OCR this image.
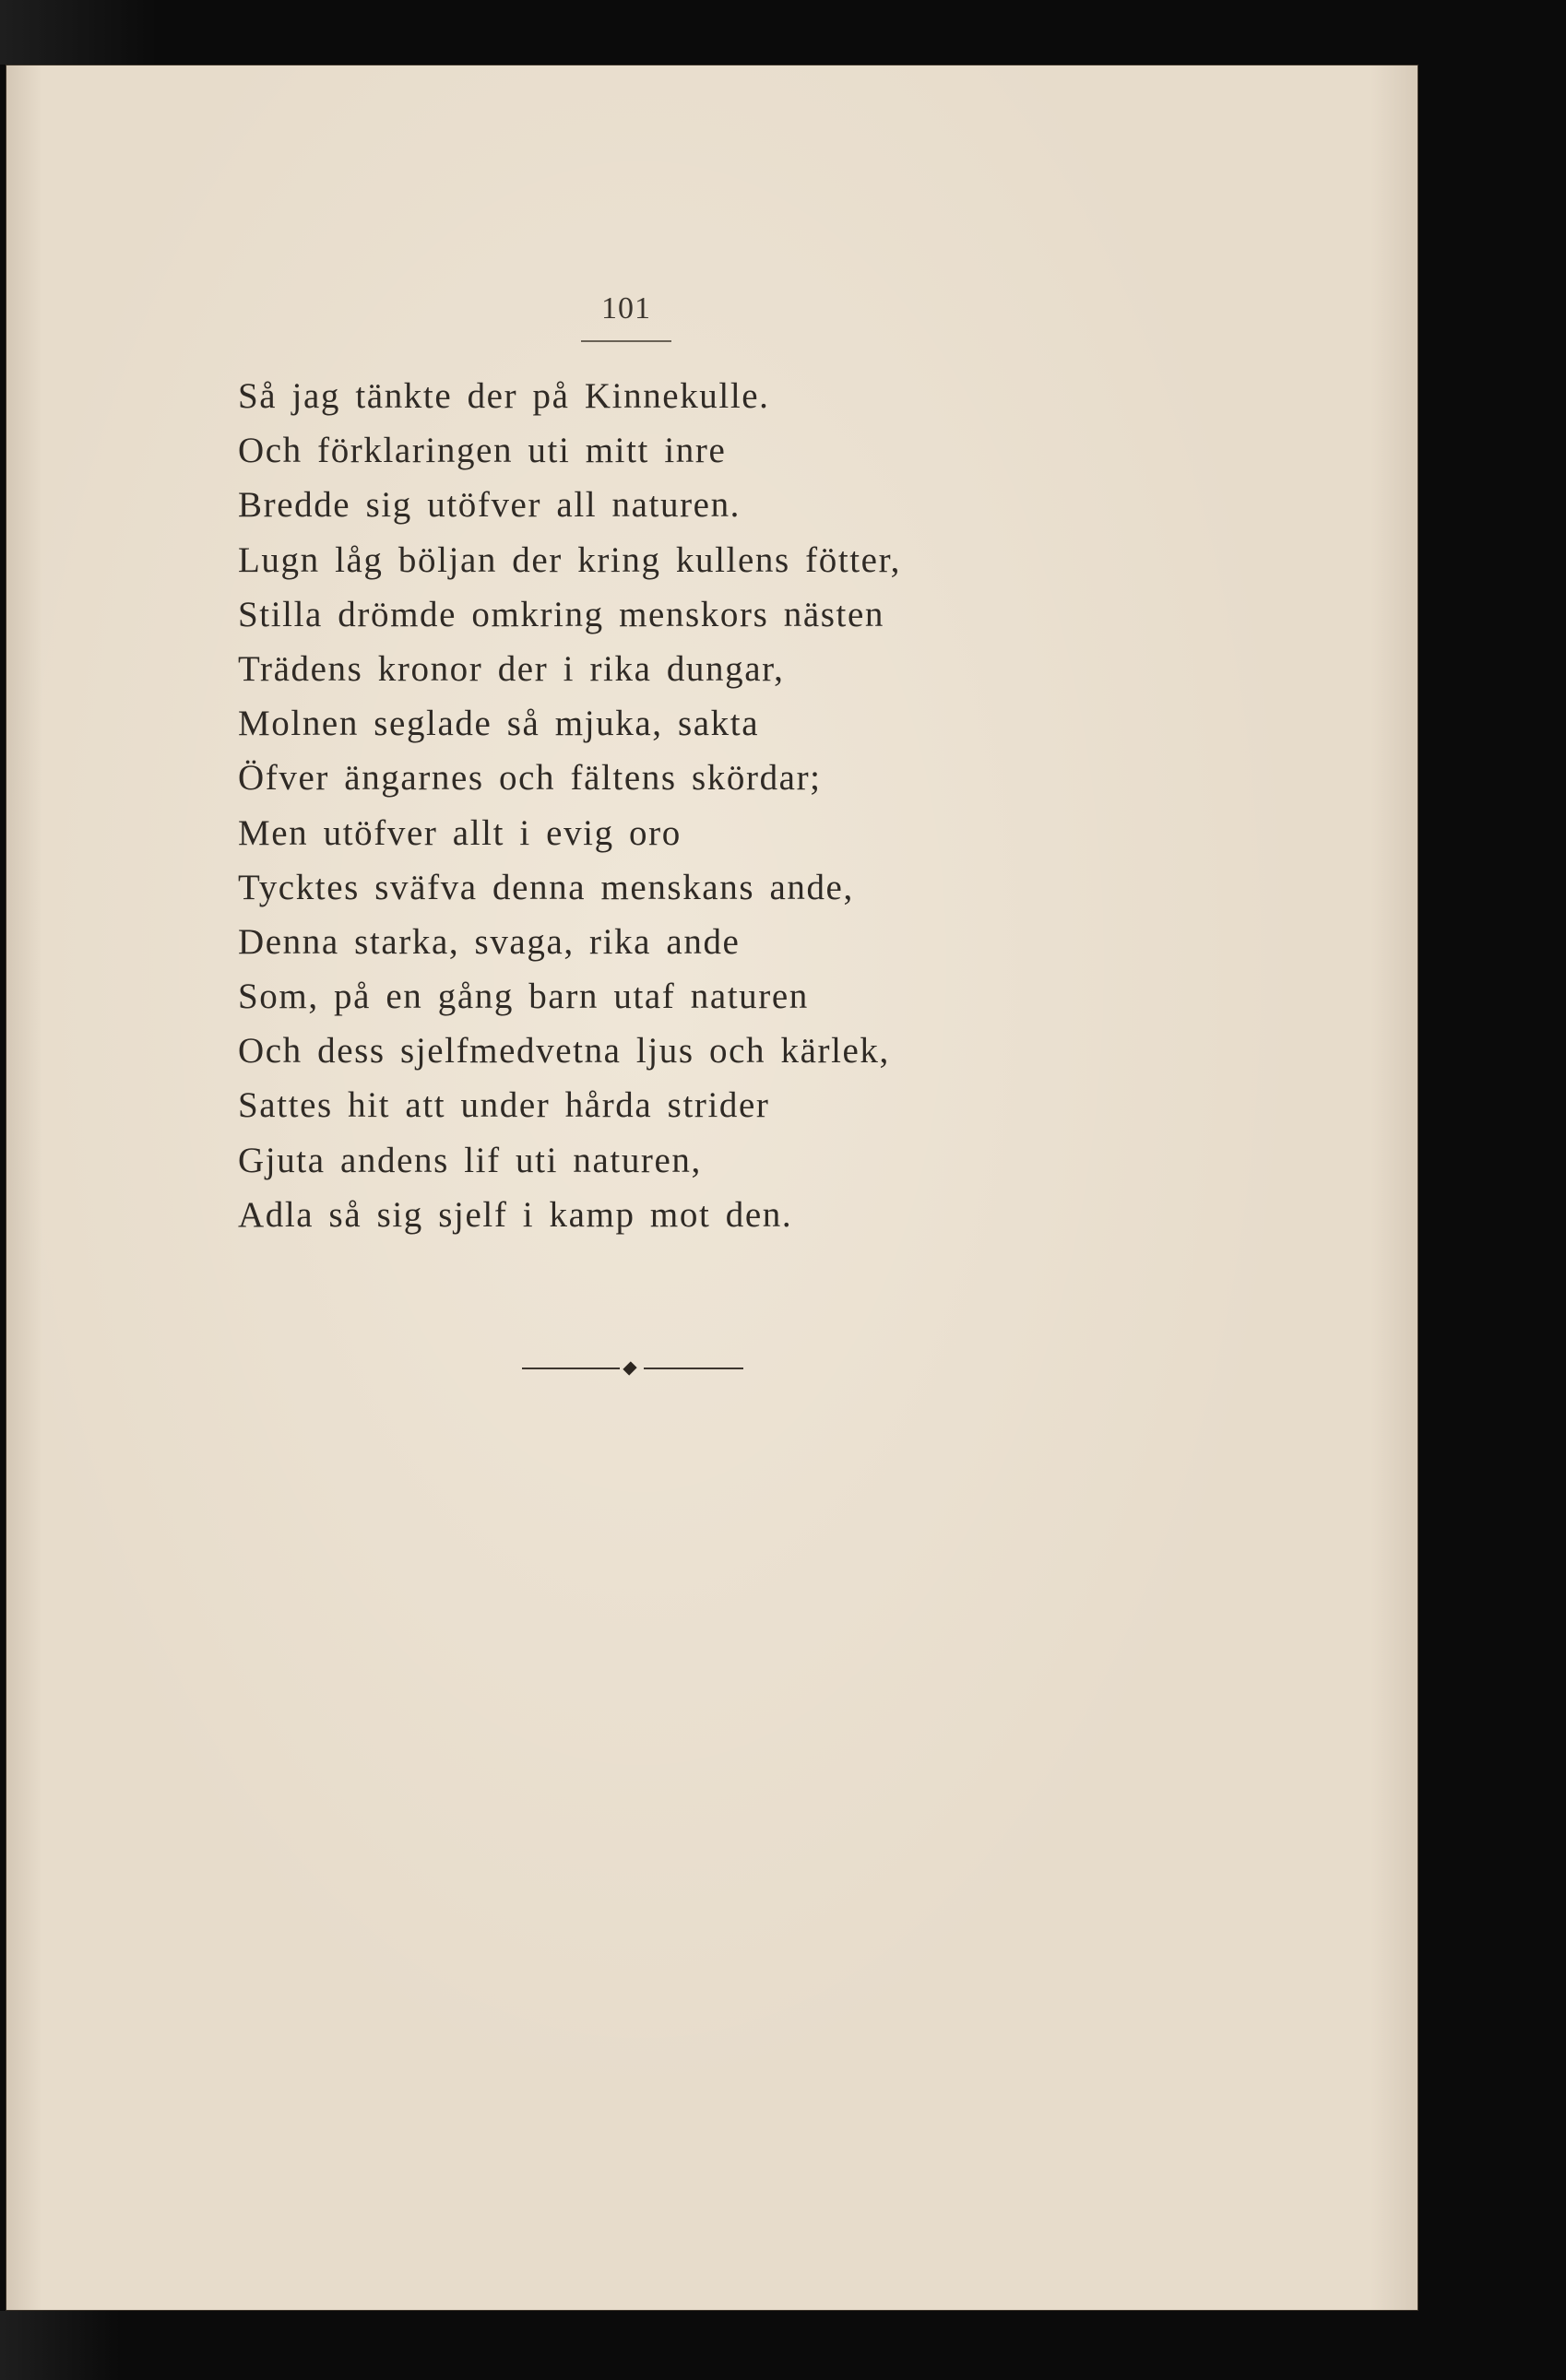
101
Så jag tänkte der på Kinnekulle.
Och förklaringen uti mitt inre
Bredde sig utöfver all naturen.
Lugn låg böljan der kring kullens fötter,
Stilla drömde omkring menskors nästen
Trädens kronor der i rika dungar,
Molnen seglade så mjuka, sakta
Öfver ängarnes och fältens skördar;
Men utöfver allt i evig oro
Tycktes sväfva denna menskans ande,
Denna starka, svaga, rika ande
Som, på en gång barn utaf naturen
Och dess sjelfmedvetna ljus och kärlek,
Sattes hit att under hårda strider
Gjuta andens lif uti naturen,
Adla så sig sjelf i kamp mot den.
